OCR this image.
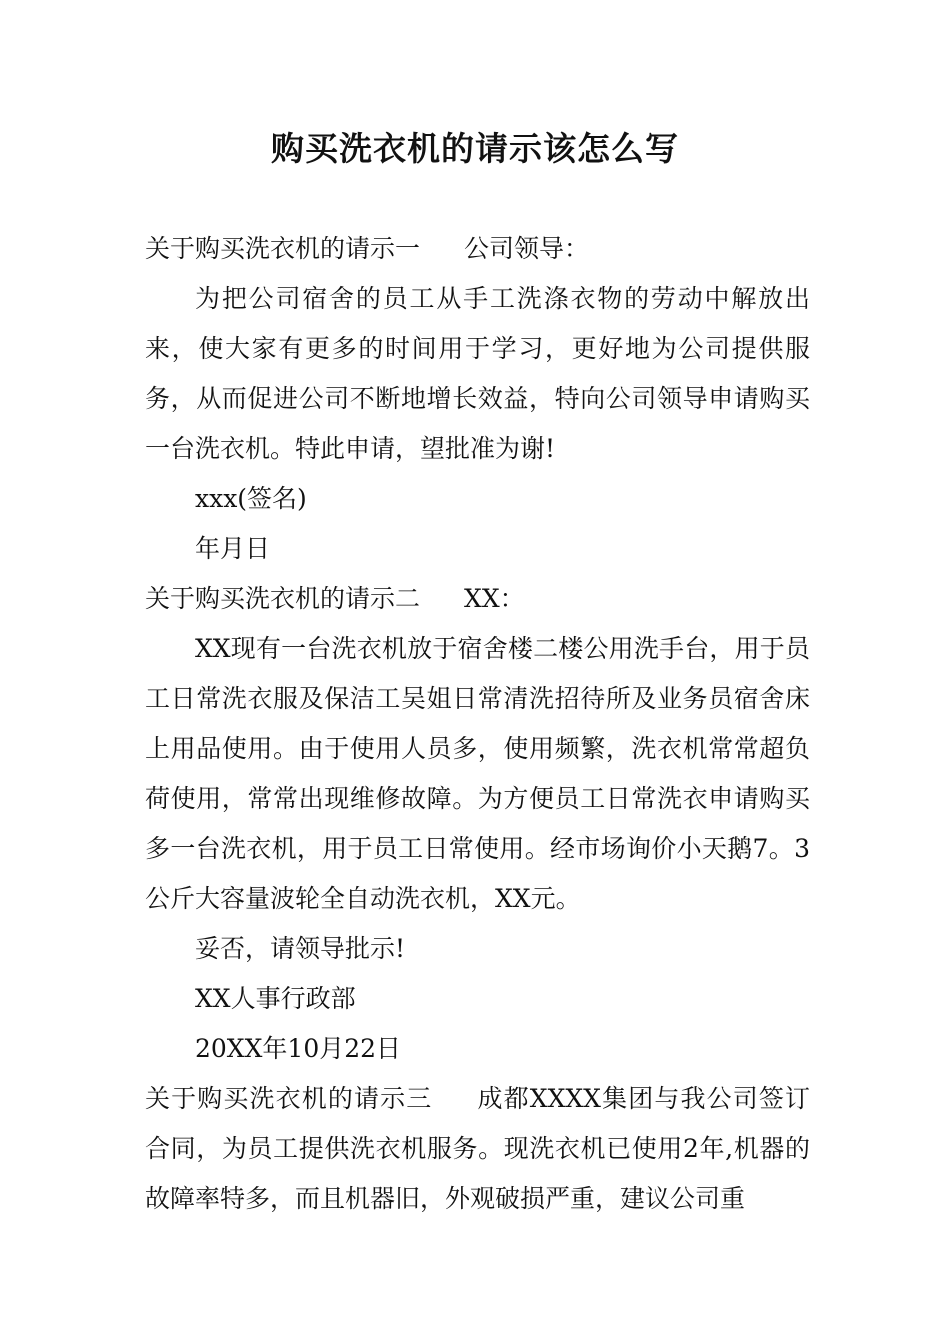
购买洗衣机的请示该怎么写

关于购买洗衣机的请示一 公司领导：

为把公司宿舍的员工从手工洗涤衣物的劳动中解放出来，使大家有更多的时间用于学习，更好地为公司提供服务，从而促进公司不断地增长效益，特向公司领导申请购买一台洗衣机。特此申请，望批准为谢!

xxx(签名)

年月日

关于购买洗衣机的请示二 XX：

XX现有一台洗衣机放于宿舍楼二楼公用洗手台，用于员工日常洗衣服及保洁工吴姐日常清洗招待所及业务员宿舍床上用品使用。由于使用人员多，使用频繁，洗衣机常常超负荷使用，常常出现维修故障。为方便员工日常洗衣申请购买多一台洗衣机，用于员工日常使用。经市场询价小天鹅7。3公斤大容量波轮全自动洗衣机，XX元。

妥否，请领导批示!

XX人事行政部

20XX年10月22日

关于购买洗衣机的请示三 成都XXXX集团与我公司签订合同，为员工提供洗衣机服务。现洗衣机已使用2年,机器的故障率特多，而且机器旧，外观破损严重，建议公司重
